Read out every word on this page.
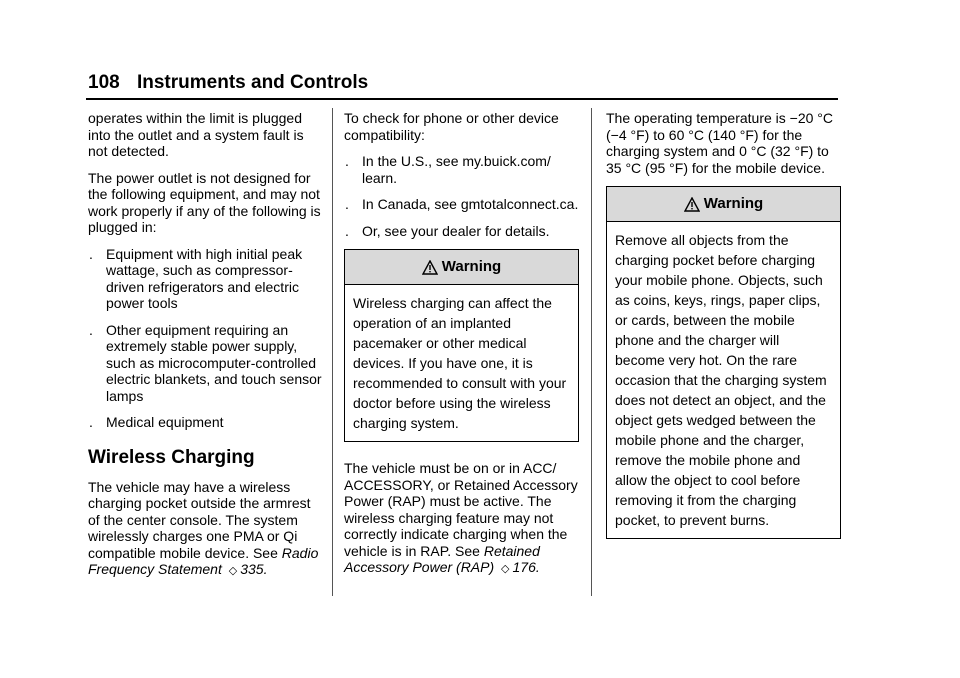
108 Instruments and Controls

operates within the limit is plugged into the outlet and a system fault is not detected.

The power outlet is not designed for the following equipment, and may not work properly if any of the following is plugged in:

. Equipment with high initial peak wattage, such as compressor-driven refrigerators and electric power tools
. Other equipment requiring an extremely stable power supply, such as microcomputer-controlled electric blankets, and touch sensor lamps
. Medical equipment
Wireless Charging

The vehicle may have a wireless charging pocket outside the armrest of the center console. The system wirelessly charges one PMA or Qi compatible mobile device. See Radio Frequency Statement ◇ 335.

To check for phone or other device compatibility:

. In the U.S., see my.buick.com/ learn.
. In Canada, see gmtotalconnect.ca.
. Or, see your dealer for details.
Warning
Wireless charging can affect the operation of an implanted pacemaker or other medical devices. If you have one, it is recommended to consult with your doctor before using the wireless charging system.

The vehicle must be on or in ACC/ ACCESSORY, or Retained Accessory Power (RAP) must be active. The wireless charging feature may not correctly indicate charging when the vehicle is in RAP. See Retained Accessory Power (RAP) ◇ 176.

The operating temperature is −20 °C (−4 °F) to 60 °C (140 °F) for the charging system and 0 °C (32 °F) to 35 °C (95 °F) for the mobile device.

Warning
Remove all objects from the charging pocket before charging your mobile phone. Objects, such as coins, keys, rings, paper clips, or cards, between the mobile phone and the charger will become very hot. On the rare occasion that the charging system does not detect an object, and the object gets wedged between the mobile phone and the charger, remove the mobile phone and allow the object to cool before removing it from the charging pocket, to prevent burns.
